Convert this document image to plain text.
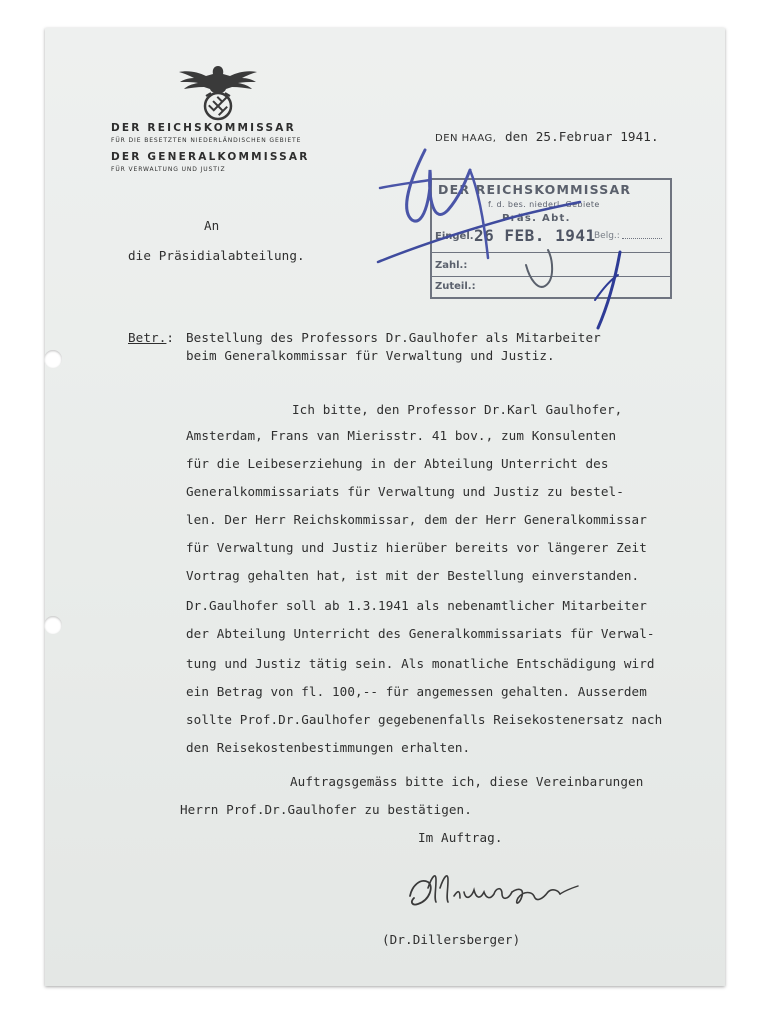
DER REICHSKOMMISSAR
FÜR DIE BESETZTEN NIEDERLÄNDISCHEN GEBIETE
DER GENERALKOMMISSAR
FÜR VERWALTUNG UND JUSTIZ
DEN HAAG, den 25.Februar 1941.
DER REICHSKOMMISSAR
f. d. bes. niederl. Gebiete
Präs. Abt.
Eingel. 26 FEB. 1941
Belg.:
Zahl.:
Zuteil.:
An
die Präsidialabteilung.
Betr.: Bestellung des Professors Dr.Gaulhofer als Mitarbeiter
beim Generalkommissar für Verwaltung und Justiz.
Ich bitte, den Professor Dr.Karl Gaulhofer,
Amsterdam, Frans van Mierisstr. 41 bov., zum Konsulenten
für die Leibeserziehung in der Abteilung Unterricht des
Generalkommissariats für Verwaltung und Justiz zu bestel-
len. Der Herr Reichskommissar, dem der Herr Generalkommissar
für Verwaltung und Justiz hierüber bereits vor längerer Zeit
Vortrag gehalten hat, ist mit der Bestellung einverstanden.
Dr.Gaulhofer soll ab 1.3.1941 als nebenamtlicher Mitarbeiter
der Abteilung Unterricht des Generalkommissariats für Verwal-
tung und Justiz tätig sein. Als monatliche Entschädigung wird
ein Betrag von fl. 100,-- für angemessen gehalten. Ausserdem
sollte Prof.Dr.Gaulhofer gegebenenfalls Reisekostenersatz nach
den Reisekostenbestimmungen erhalten.
Auftragsgemäss bitte ich, diese Vereinbarungen
Herrn Prof.Dr.Gaulhofer zu bestätigen.
Im Auftrag.
(Dr.Dillersberger)
